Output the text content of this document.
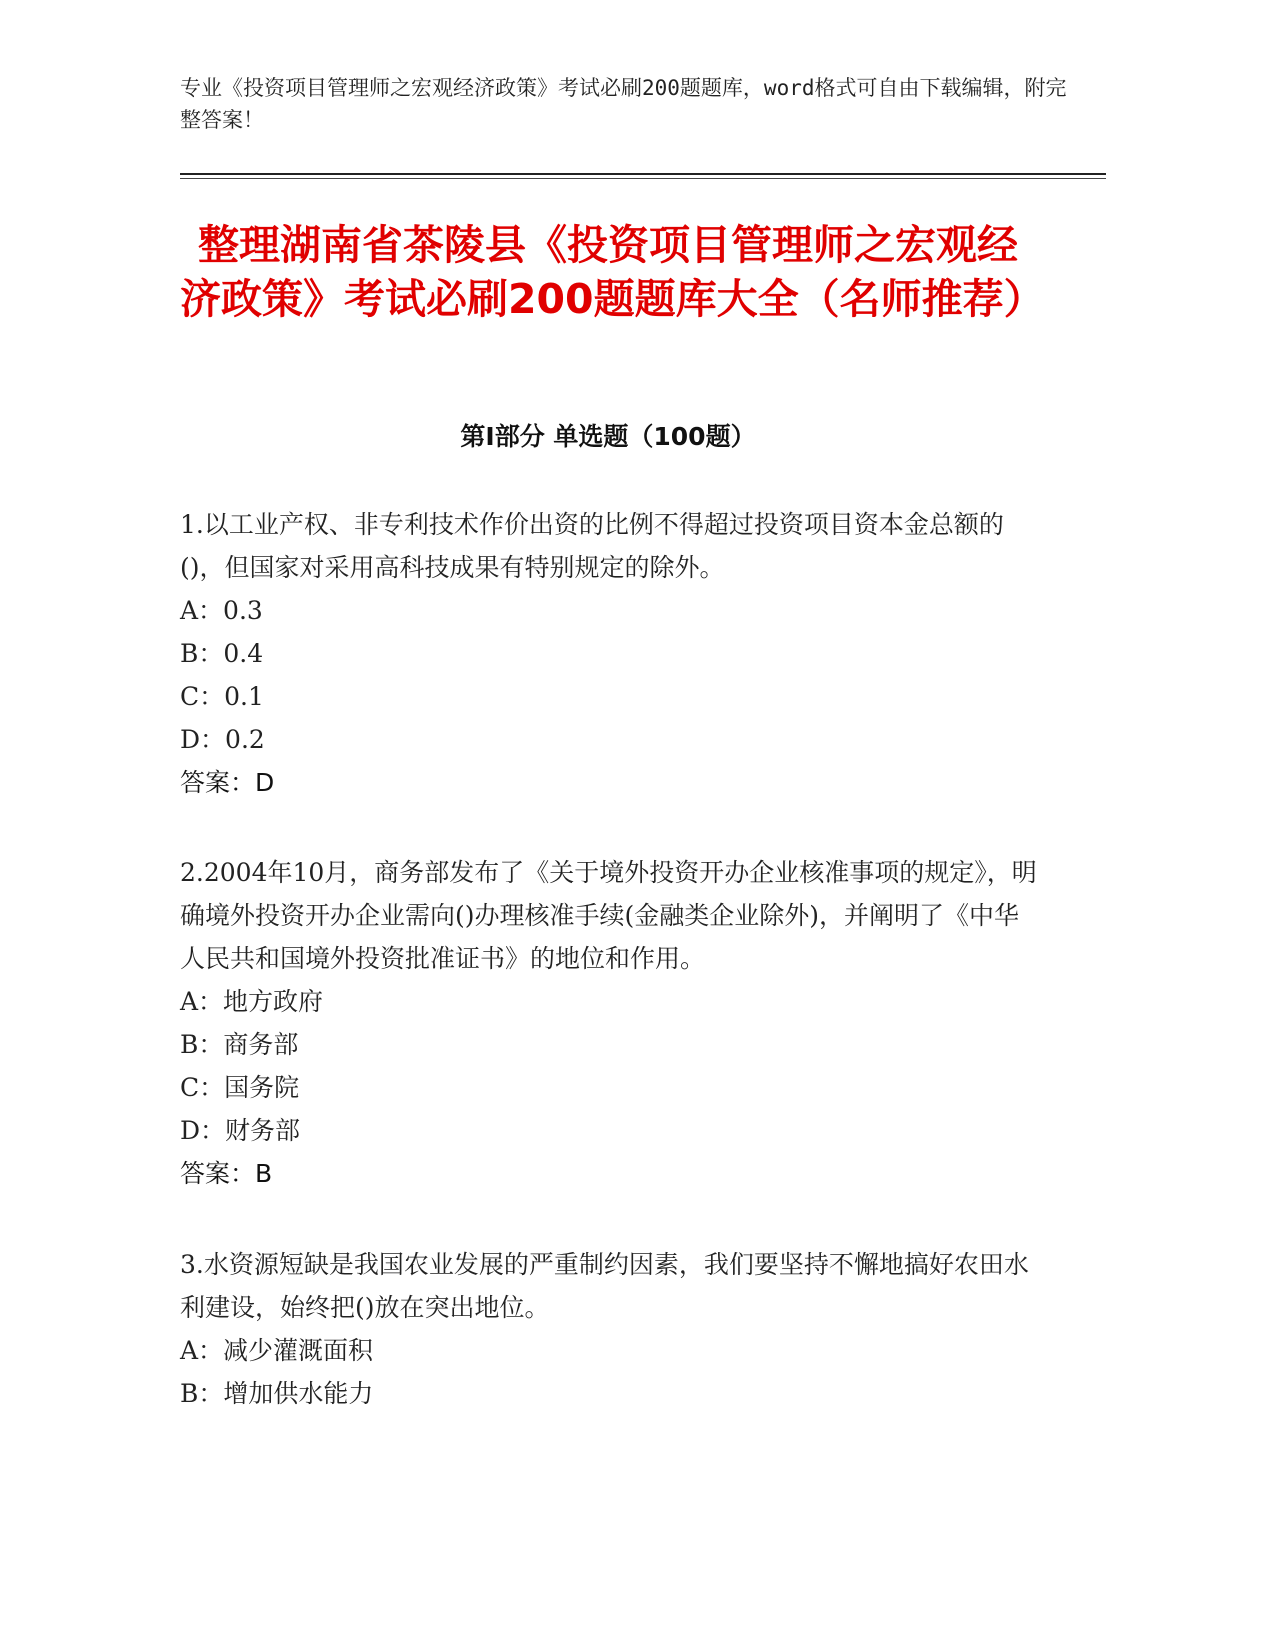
专业《投资项目管理师之宏观经济政策》考试必刷200题题库，word格式可自由下载编辑，附完整答案！
整理湖南省茶陵县《投资项目管理师之宏观经济政策》考试必刷200题题库大全（名师推荐）
第I部分 单选题（100题）

1.以工业产权、非专利技术作价出资的比例不得超过投资项目资本金总额的()，但国家对采用高科技成果有特别规定的除外。

A：0.3

B：0.4

C：0.1

D：0.2

答案：D

2.2004年10月，商务部发布了《关于境外投资开办企业核准事项的规定》，明确境外投资开办企业需向()办理核准手续(金融类企业除外)，并阐明了《中华人民共和国境外投资批准证书》的地位和作用。

A：地方政府

B：商务部

C：国务院

D：财务部

答案：B

3.水资源短缺是我国农业发展的严重制约因素，我们要坚持不懈地搞好农田水利建设，始终把()放在突出地位。

A：减少灌溉面积

B：增加供水能力
